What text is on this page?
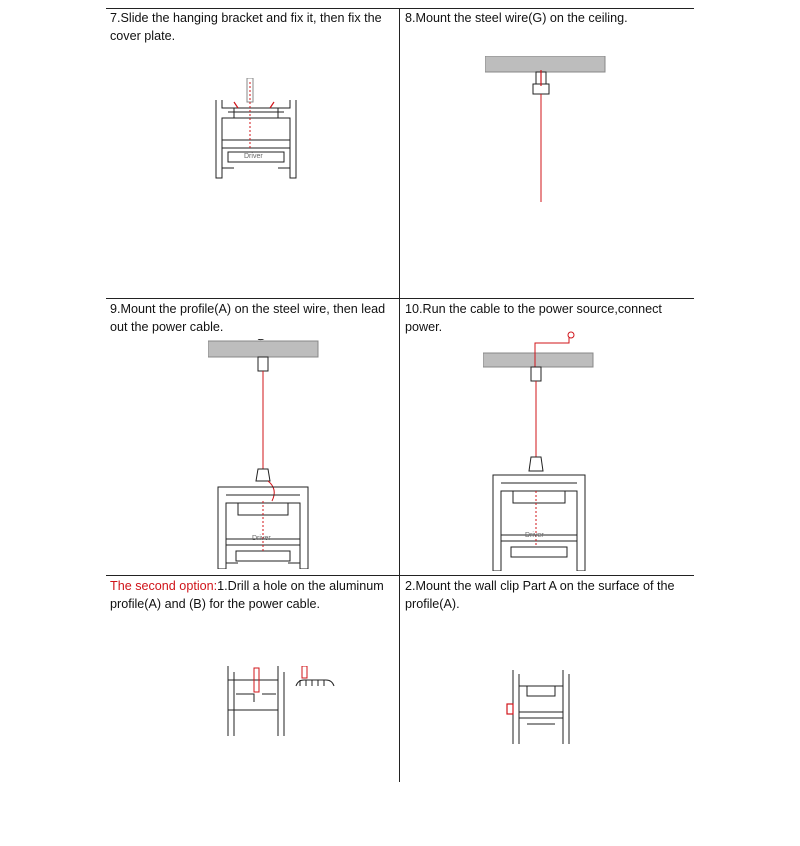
7.Slide the hanging bracket and fix it, then fix the cover plate.
Driver
8.Mount the steel wire(G) on the ceiling.
9.Mount the profile(A) on the steel wire, then lead out the power cable.
Driver
10.Run the cable to the power source,connect power.
Driver
The second option:1.Drill a hole on the aluminum profile(A) and (B) for the power cable.
2.Mount the wall clip Part A on the surface of the profile(A).
